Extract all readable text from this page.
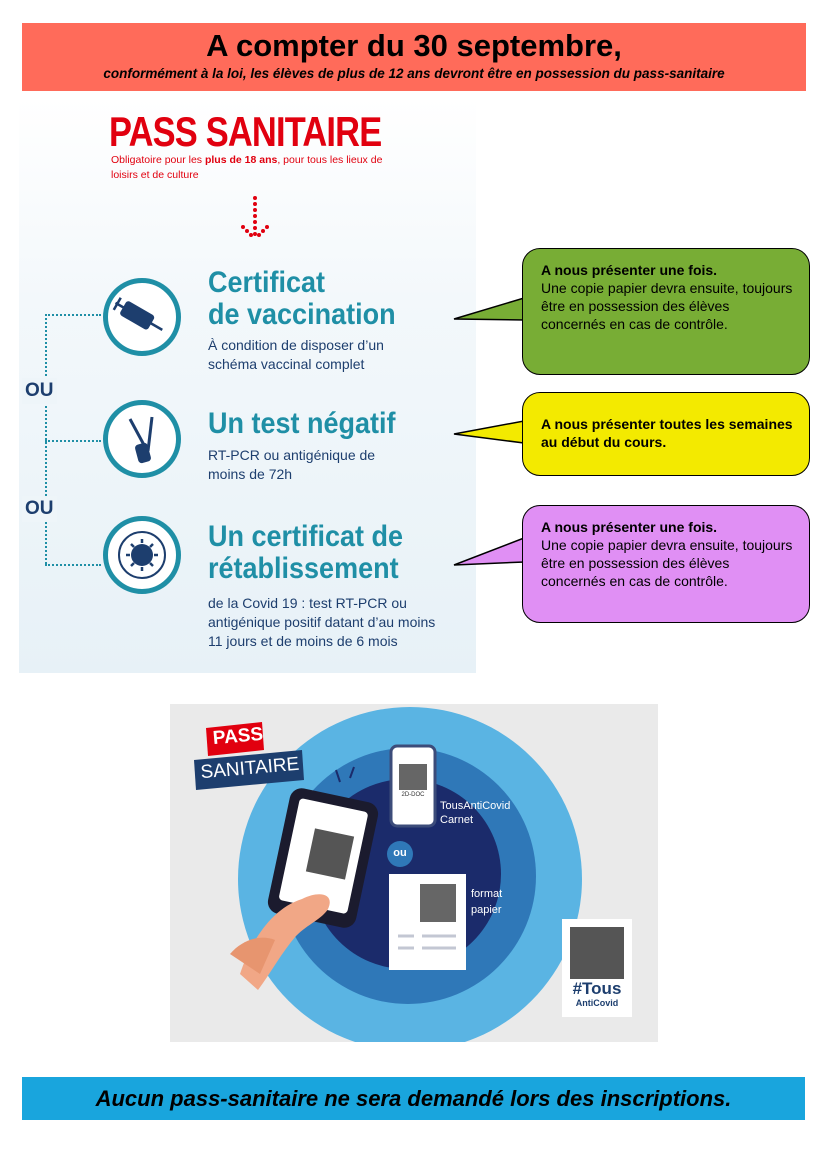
A compter du 30 septembre,
conformément à la loi, les élèves de plus de 12 ans devront être en possession du pass-sanitaire
PASS SANITAIRE
Obligatoire pour les plus de 18 ans, pour tous les lieux de loisirs et de culture
OU
OU
Certificat
de vaccination
À condition de disposer d’un schéma vaccinal complet
Un test négatif
RT-PCR ou antigénique de moins de 72h
Un certificat de
rétablissement
de la Covid 19 : test RT-PCR ou antigénique positif datant d’au moins 11 jours et de moins de 6 mois
A nous présenter une fois.
Une copie papier devra ensuite, toujours être en possession des élèves concernés en cas de contrôle.
A nous présenter toutes les semaines au début du cours.
A nous présenter une fois.
Une copie papier devra ensuite, toujours être en possession des élèves concernés en cas de contrôle.
PASS
SANITAIRE
2D-DOC
TousAntiCovid
Carnet
ou
format
papier
#Tous
AntiCovid
Aucun pass-sanitaire ne sera demandé lors des inscriptions.
